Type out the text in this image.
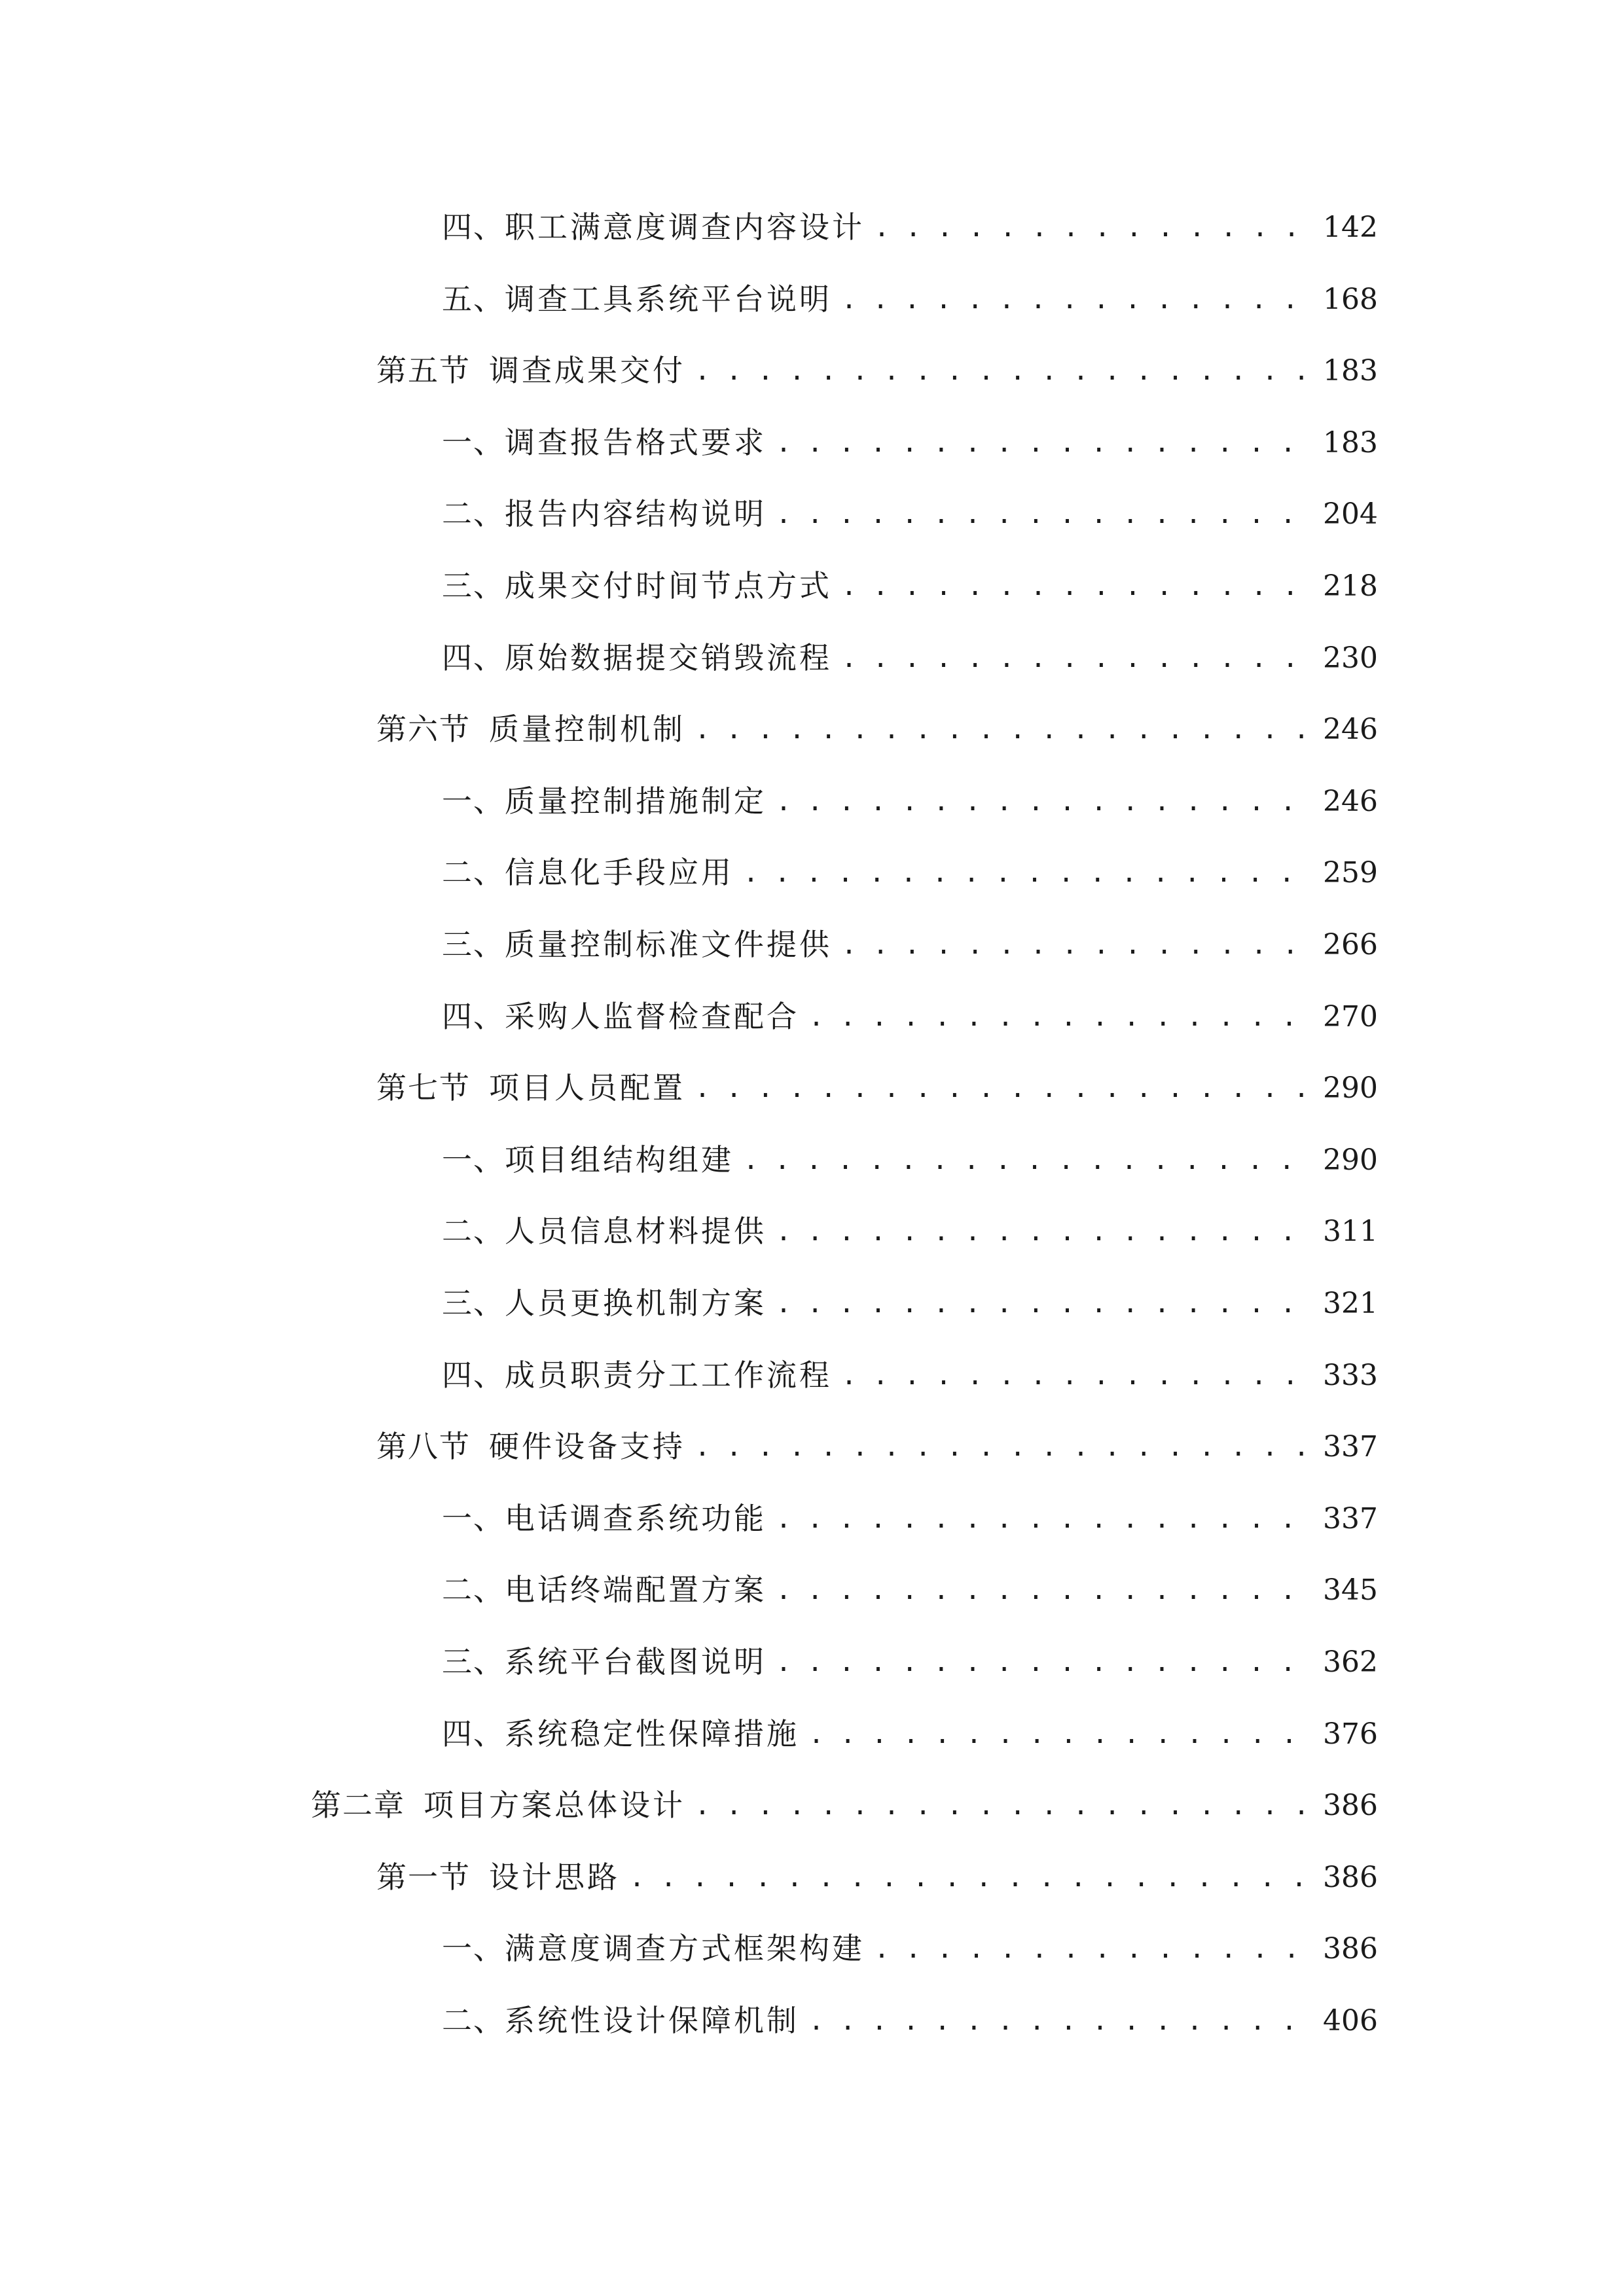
四、 职工满意度调查内容设计 . . .	142
五、 调查工具系统平台说明 . . .	168
第五节 调查成果交付 . . .	183
一、 调查报告格式要求 . . .	183
二、 报告内容结构说明 . . .	204
三、 成果交付时间节点方式 . . .	218
四、 原始数据提交销毁流程 . . .	230
第六节 质量控制机制 . . .	246
一、 质量控制措施制定 . . .	246
二、 信息化手段应用 . . .	259
三、 质量控制标准文件提供 . . .	266
四、 采购人监督检查配合 . . .	270
第七节 项目人员配置 . . .	290
一、 项目组结构组建 . . .	290
二、 人员信息材料提供 . . .	311
三、 人员更换机制方案 . . .	321
四、 成员职责分工工作流程 . . .	333
第八节 硬件设备支持 . . .	337
一、 电话调查系统功能 . . .	337
二、 电话终端配置方案 . . .	345
三、 系统平台截图说明 . . .	362
四、 系统稳定性保障措施 . . .	376
第二章 项目方案总体设计 . . .	386
第一节 设计思路 . . .	386
一、 满意度调查方式框架构建 . . .	386
二、 系统性设计保障机制 . . .	406
